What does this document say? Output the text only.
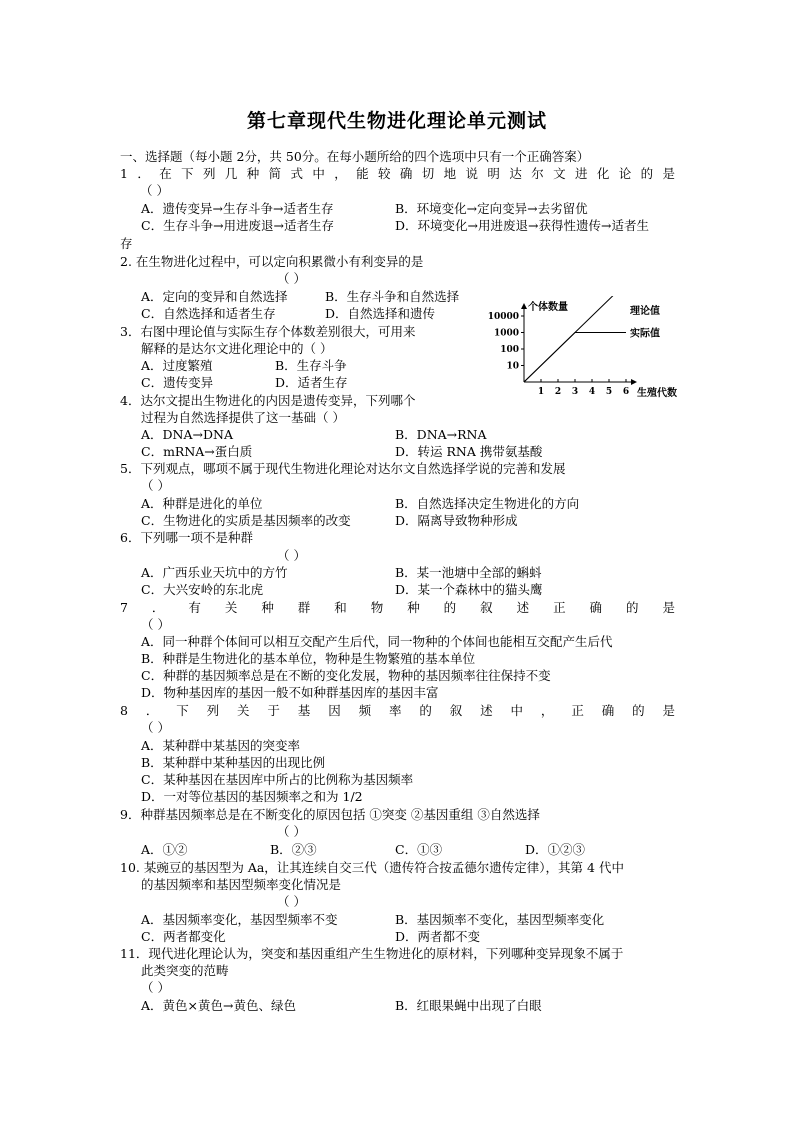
第七章现代生物进化理论单元测试
一、选择题（每小题 2分，共 50分。在每小题所给的四个选项中只有一个正确答案）
1．在下列几种简式中，能较确切地说明达尔文进化论的是
（ ）
A．遗传变异→生存斗争→适者生存	B．环境变化→定向变异→去劣留优
C．生存斗争→用进废退→适者生存	D．环境变化→用进废退→获得性遗传→适者生
存
2. 在生物进化过程中，可以定向积累微小有利变异的是
（ ）
A．定向的变异和自然选择	B．生存斗争和自然选择
C．自然选择和适者生存	D．自然选择和遗传
3．右图中理论值与实际生存个体数差别很大，可用来
解释的是达尔文进化理论中的（ ）
A．过度繁殖	B．生存斗争
C．遗传变异	D．适者生存
个体数量
生殖代数
10
100
1000
10000
1 2 3 4 5 6
理论值
实际值
4．达尔文提出生物进化的内因是遗传变异，下列哪个
过程为自然选择提供了这一基础（ ）
A．DNA→DNA	B．DNA→RNA
C．mRNA→蛋白质	D．转运 RNA 携带氨基酸
5．下列观点，哪项不属于现代生物进化理论对达尔文自然选择学说的完善和发展
（ ）
A．种群是进化的单位	B．自然选择决定生物进化的方向
C．生物进化的实质是基因频率的改变	D．隔离导致物种形成
6．下列哪一项不是种群
（ ）
A．广西乐业天坑中的方竹	B．某一池塘中全部的蝌蚪
C．大兴安岭的东北虎	D．某一个森林中的猫头鹰
7．有关种群和物种的叙述正确的是
（ ）
A．同一种群个体间可以相互交配产生后代，同一物种的个体间也能相互交配产生后代
B．种群是生物进化的基本单位，物种是生物繁殖的基本单位
C．种群的基因频率总是在不断的变化发展，物种的基因频率往往保持不变
D．物种基因库的基因一般不如种群基因库的基因丰富
8．下列关于基因频率的叙述中，正确的是
（ ）
A．某种群中某基因的突变率
B．某种群中某种基因的出现比例
C．某种基因在基因库中所占的比例称为基因频率
D．一对等位基因的基因频率之和为 1/2
9．种群基因频率总是在不断变化的原因包括 ①突变 ②基因重组 ③自然选择
（ ）
A．①②	B．②③	C．①③	D．①②③
10. 某豌豆的基因型为 Aa，让其连续自交三代（遗传符合按孟德尔遗传定律），其第 4 代中
的基因频率和基因型频率变化情况是
（ ）
A．基因频率变化，基因型频率不变	B．基因频率不变化，基因型频率变化
C．两者都变化	D．两者都不变
11．现代进化理论认为，突变和基因重组产生生物进化的原材料，下列哪种变异现象不属于
此类突变的范畴
（ ）
A．黄色×黄色→黄色、绿色	B．红眼果蝇中出现了白眼
